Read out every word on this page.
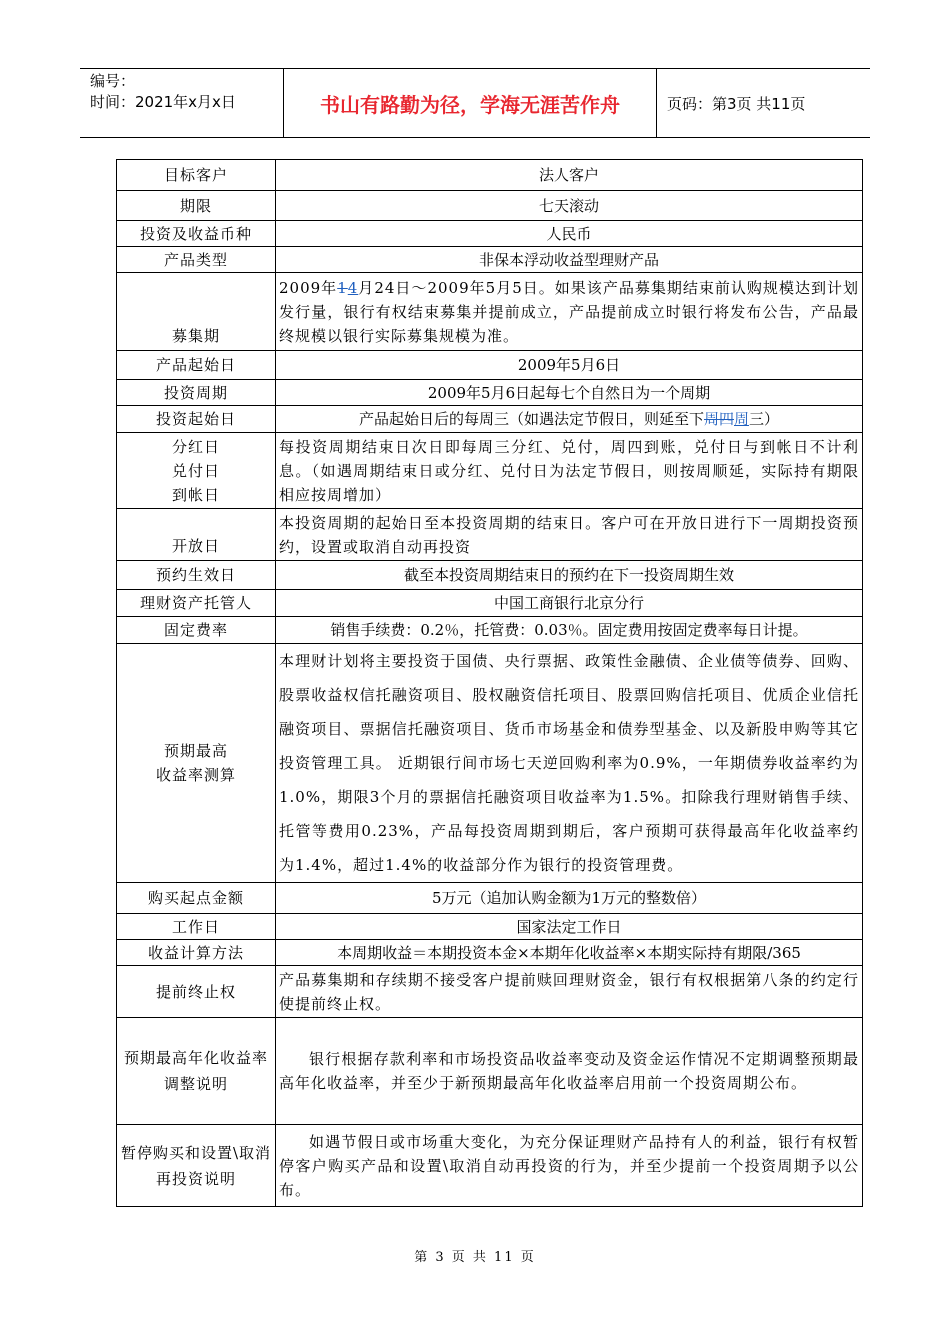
编号：
时间：2021年x月x日	书山有路勤为径，学海无涯苦作舟	页码：第3页 共11页
目标客户	法人客户
期限	七天滚动
投资及收益币种	人民币
产品类型	非保本浮动收益型理财产品
募集期	2009年14月24日～2009年5月5日。如果该产品募集期结束前认购规模达到计划发行量，银行有权结束募集并提前成立，产品提前成立时银行将发布公告，产品最终规模以银行实际募集规模为准。
产品起始日	2009年5月6日
投资周期	2009年5月6日起每七个自然日为一个周期
投资起始日	产品起始日后的每周三（如遇法定节假日，则延至下周四周三）

分红日
兑付日
到帐日	每投资周期结束日次日即每周三分红、兑付，周四到账，兑付日与到帐日不计利息。（如遇周期结束日或分红、兑付日为法定节假日，则按周顺延，实际持有期限相应按周增加）
开放日	本投资周期的起始日至本投资周期的结束日。客户可在开放日进行下一周期投资预约，设置或取消自动再投资
预约生效日	截至本投资周期结束日的预约在下一投资周期生效
理财资产托管人	中国工商银行北京分行
固定费率	销售手续费：0.2％，托管费：0.03％。固定费用按固定费率每日计提。

预期最高
收益率测算	本理财计划将主要投资于国债、央行票据、政策性金融债、企业债等债券、回购、股票收益权信托融资项目、股权融资信托项目、股票回购信托项目、优质企业信托融资项目、票据信托融资项目、货币市场基金和债券型基金、以及新股申购等其它投资管理工具。 近期银行间市场七天逆回购利率为0.9%，一年期债券收益率约为1.0%，期限3个月的票据信托融资项目收益率为1.5%。扣除我行理财销售手续、托管等费用0.23%，产品每投资周期到期后，客户预期可获得最高年化收益率约为1.4%，超过1.4%的收益部分作为银行的投资管理费。
购买起点金额	5万元（追加认购金额为1万元的整数倍）
工作日	国家法定工作日
收益计算方法	本周期收益＝本期投资本金×本期年化收益率×本期实际持有期限/365
提前终止权	产品募集期和存续期不接受客户提前赎回理财资金，银行有权根据第八条的约定行使提前终止权。

预期最高年化收益率
调整说明	银行根据存款利率和市场投资品收益率变动及资金运作情况不定期调整预期最高年化收益率，并至少于新预期最高年化收益率启用前一个投资周期公布。

暂停购买和设置\取消
再投资说明	如遇节假日或市场重大变化，为充分保证理财产品持有人的利益，银行有权暂停客户购买产品和设置\取消自动再投资的行为，并至少提前一个投资周期予以公布。
第 3 页 共 11 页
